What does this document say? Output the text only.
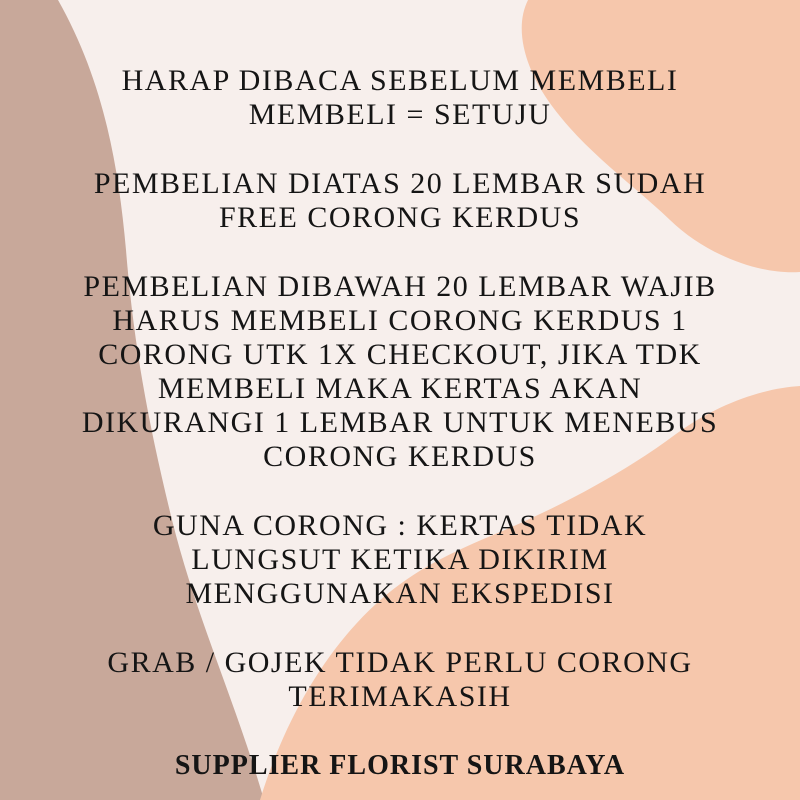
HARAP DIBACA SEBELUM MEMBELI
MEMBELI = SETUJU
PEMBELIAN DIATAS 20 LEMBAR SUDAH
FREE CORONG KERDUS
PEMBELIAN DIBAWAH 20 LEMBAR WAJIB
HARUS MEMBELI CORONG KERDUS 1
CORONG UTK 1X CHECKOUT, JIKA TDK
MEMBELI MAKA KERTAS AKAN
DIKURANGI 1 LEMBAR UNTUK MENEBUS
CORONG KERDUS
GUNA CORONG : KERTAS TIDAK
LUNGSUT KETIKA DIKIRIM
MENGGUNAKAN EKSPEDISI
GRAB / GOJEK TIDAK PERLU CORONG
TERIMAKASIH
SUPPLIER FLORIST SURABAYA
